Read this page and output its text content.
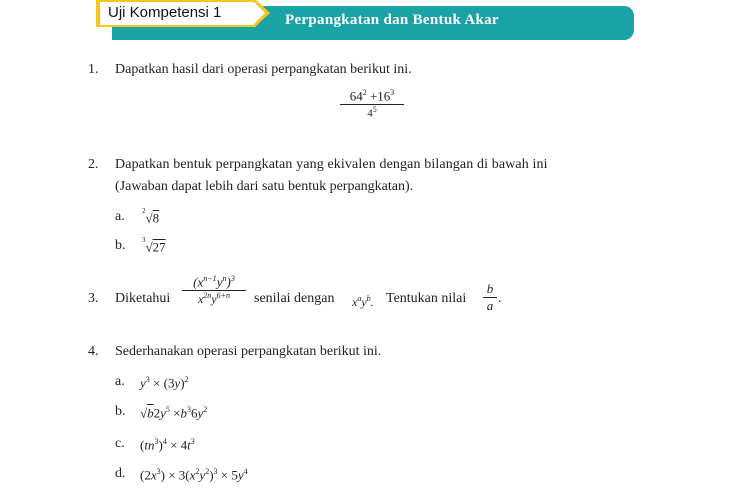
Perpangkatan dan Bentuk Akar
Uji Kompetensi 1
1. Dapatkan hasil dari operasi perpangkatan berikut ini.
$64^2 +16^3$
$4^5$
2. Dapatkan bentuk perpangkatan yang ekivalen dengan bilangan di bawah ini
(Jawaban dapat lebih dari satu bentuk perpangkatan).
a. $^2$√8
b. $^3$√27
3. Diketahui $\frac{(x^{n-1}y^n)^3}{x^{2n}y^{6+n}}$ senilai dengan $x^ay^b$. Tentukan nilai $\frac{b}{a}$ .
4. Sederhanakan operasi perpangkatan berikut ini.
a. $y^3 \times (3y)^2$
b. $√b2y^5 \times b^36y^2$
c. $(tn^3)^4 \times 4t^3$
d. $(2x^3) \times 3(x^2y^2)^3 \times 5y^4$
